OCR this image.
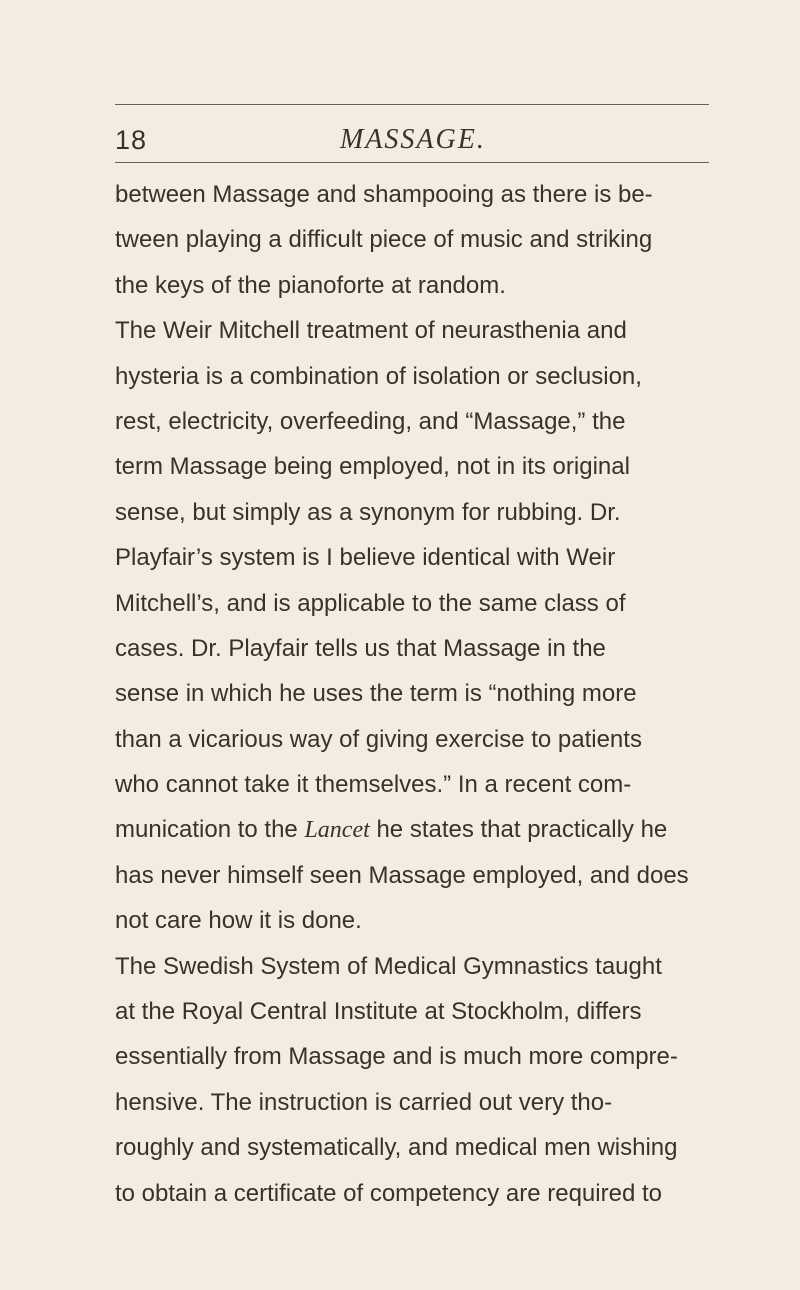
18	MASSAGE.
between Massage and shampooing as there is be-
tween playing a difficult piece of music and striking
the keys of the pianoforte at random.
The Weir Mitchell treatment of neurasthenia and
hysteria is a combination of isolation or seclusion,
rest, electricity, overfeeding, and “Massage,” the
term Massage being employed, not in its original
sense, but simply as a synonym for rubbing. Dr.
Playfair’s system is I believe identical with Weir
Mitchell’s, and is applicable to the same class of
cases. Dr. Playfair tells us that Massage in the
sense in which he uses the term is “nothing more
than a vicarious way of giving exercise to patients
who cannot take it themselves.” In a recent com-
munication to the Lancet he states that practically he
has never himself seen Massage employed, and does
not care how it is done.
The Swedish System of Medical Gymnastics taught
at the Royal Central Institute at Stockholm, differs
essentially from Massage and is much more compre-
hensive. The instruction is carried out very tho-
roughly and systematically, and medical men wishing
to obtain a certificate of competency are required to
